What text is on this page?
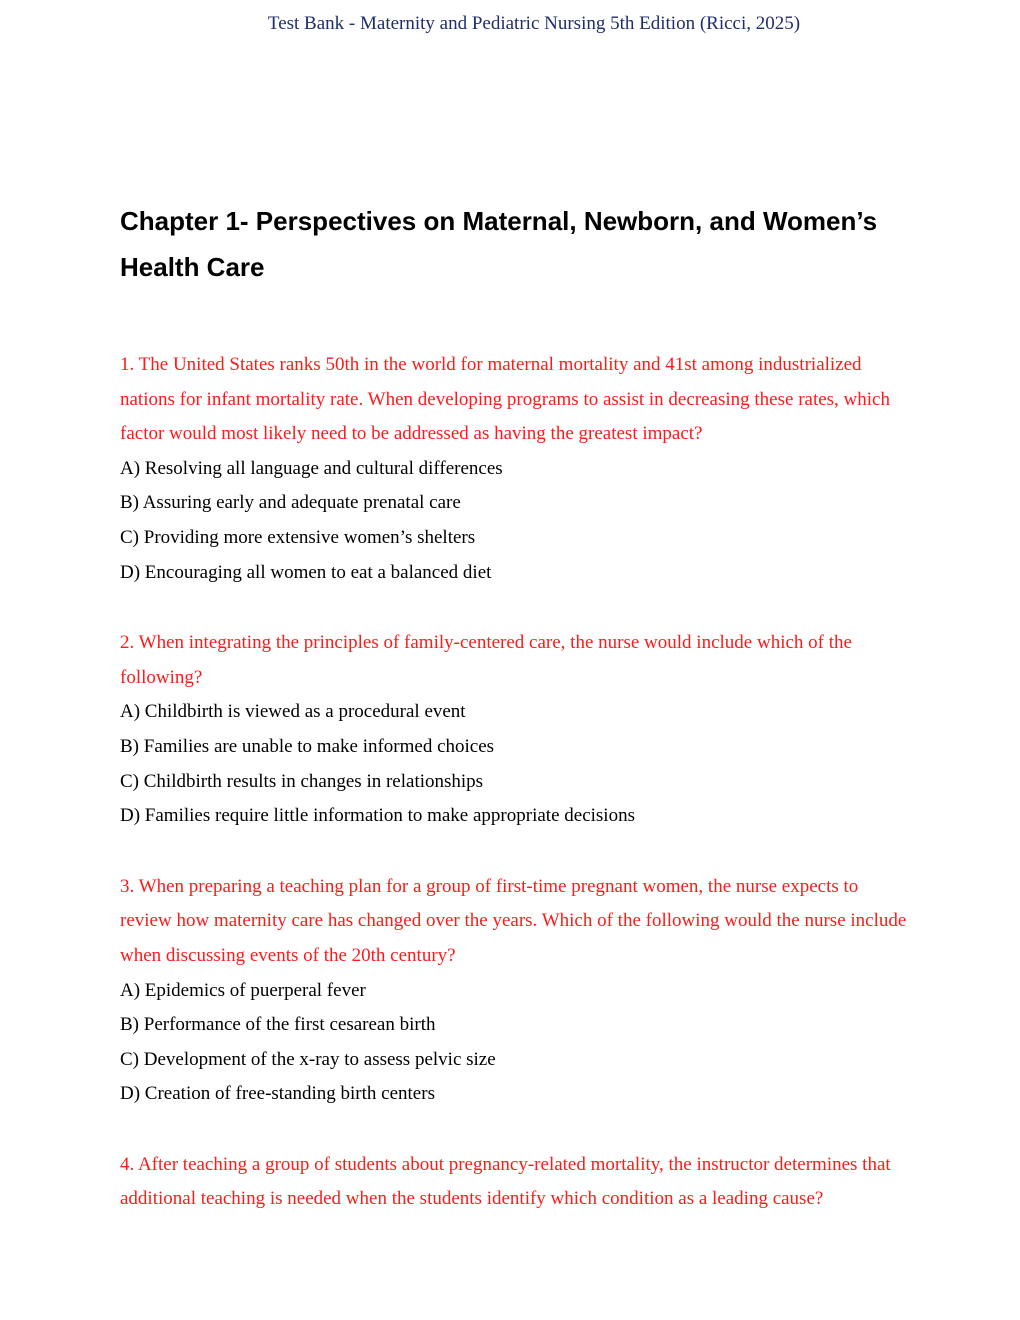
Test Bank - Maternity and Pediatric Nursing 5th Edition (Ricci, 2025)
Chapter 1- Perspectives on Maternal, Newborn, and Women’s Health Care

1. The United States ranks 50th in the world for maternal mortality and 41st among industrialized nations for infant mortality rate. When developing programs to assist in decreasing these rates, which factor would most likely need to be addressed as having the greatest impact?

A) Resolving all language and cultural differences
B) Assuring early and adequate prenatal care
C) Providing more extensive women’s shelters
D) Encouraging all women to eat a balanced diet

2. When integrating the principles of family-centered care, the nurse would include which of the following?

A) Childbirth is viewed as a procedural event
B) Families are unable to make informed choices
C) Childbirth results in changes in relationships
D) Families require little information to make appropriate decisions

3. When preparing a teaching plan for a group of first-time pregnant women, the nurse expects to review how maternity care has changed over the years. Which of the following would the nurse include when discussing events of the 20th century?

A) Epidemics of puerperal fever
B) Performance of the first cesarean birth
C) Development of the x-ray to assess pelvic size
D) Creation of free-standing birth centers

4. After teaching a group of students about pregnancy-related mortality, the instructor determines that additional teaching is needed when the students identify which condition as a leading cause?
